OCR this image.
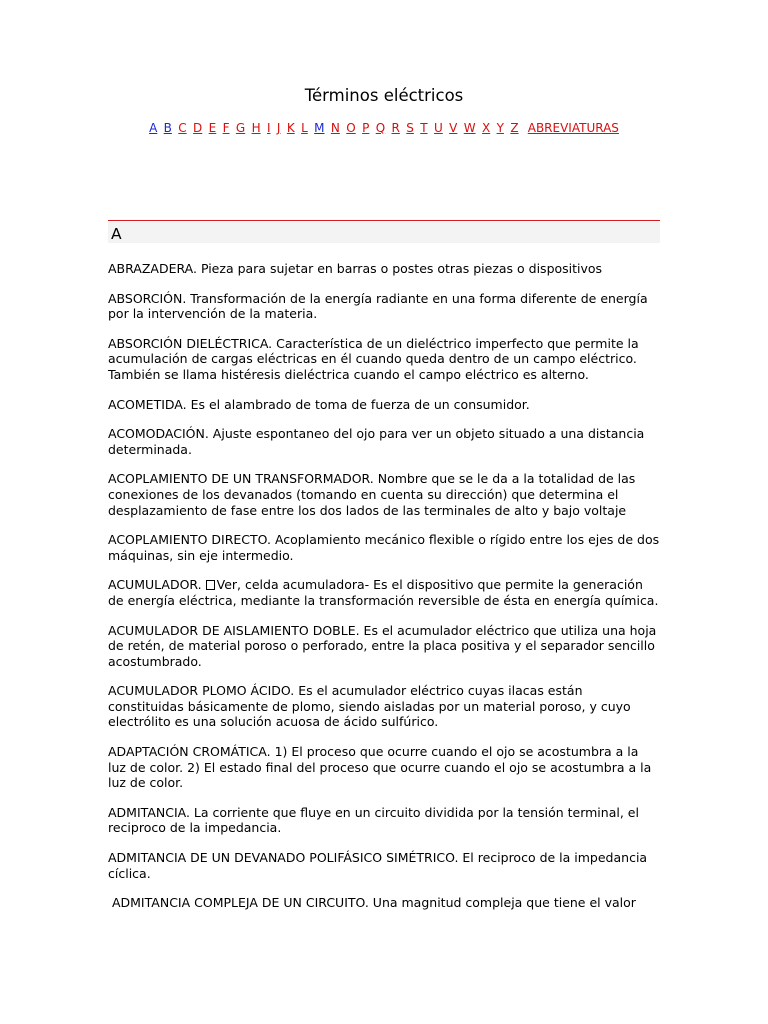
Términos eléctricos
A B C D E F G H I J K L M N O P Q R S T U V W X Y Z ABREVIATURAS
A

ABRAZADERA. Pieza para sujetar en barras o postes otras piezas o dispositivos

ABSORCIÓN. Transformación de la energía radiante en una forma diferente de energía por la intervención de la materia.

ABSORCIÓN DIELÉCTRICA. Característica de un dieléctrico imperfecto que permite la acumulación de cargas eléctricas en él cuando queda dentro de un campo eléctrico. También se llama histéresis dieléctrica cuando el campo eléctrico es alterno.

ACOMETIDA. Es el alambrado de toma de fuerza de un consumidor.

ACOMODACIÓN. Ajuste espontaneo del ojo para ver un objeto situado a una distancia determinada.

ACOPLAMIENTO DE UN TRANSFORMADOR. Nombre que se le da a la totalidad de las conexiones de los devanados (tomando en cuenta su dirección) que determina el desplazamiento de fase entre los dos lados de las terminales de alto y bajo voltaje

ACOPLAMIENTO DIRECTO. Acoplamiento mecánico flexible o rígido entre los ejes de dos máquinas, sin eje intermedio.

ACUMULADOR. Ver, celda acumuladora- Es el dispositivo que permite la generación de energía eléctrica, mediante la transformación reversible de ésta en energía química.

ACUMULADOR DE AISLAMIENTO DOBLE. Es el acumulador eléctrico que utiliza una hoja de retén, de material poroso o perforado, entre la placa positiva y el separador sencillo acostumbrado.

ACUMULADOR PLOMO ÁCIDO. Es el acumulador eléctrico cuyas ilacas están constituidas básicamente de plomo, siendo aisladas por un material poroso, y cuyo electrólito es una solución acuosa de ácido sulfúrico.

ADAPTACIÓN CROMÁTICA. 1) El proceso que ocurre cuando el ojo se acostumbra a la luz de color. 2) El estado final del proceso que ocurre cuando el ojo se acostumbra a la luz de color.

ADMITANCIA. La corriente que fluye en un circuito dividida por la tensión terminal, el reciproco de la impedancia.

ADMITANCIA DE UN DEVANADO POLIFÁSICO SIMÉTRICO. El reciproco de la impedancia cíclica.

ADMITANCIA COMPLEJA DE UN CIRCUITO. Una magnitud compleja que tiene el valor
